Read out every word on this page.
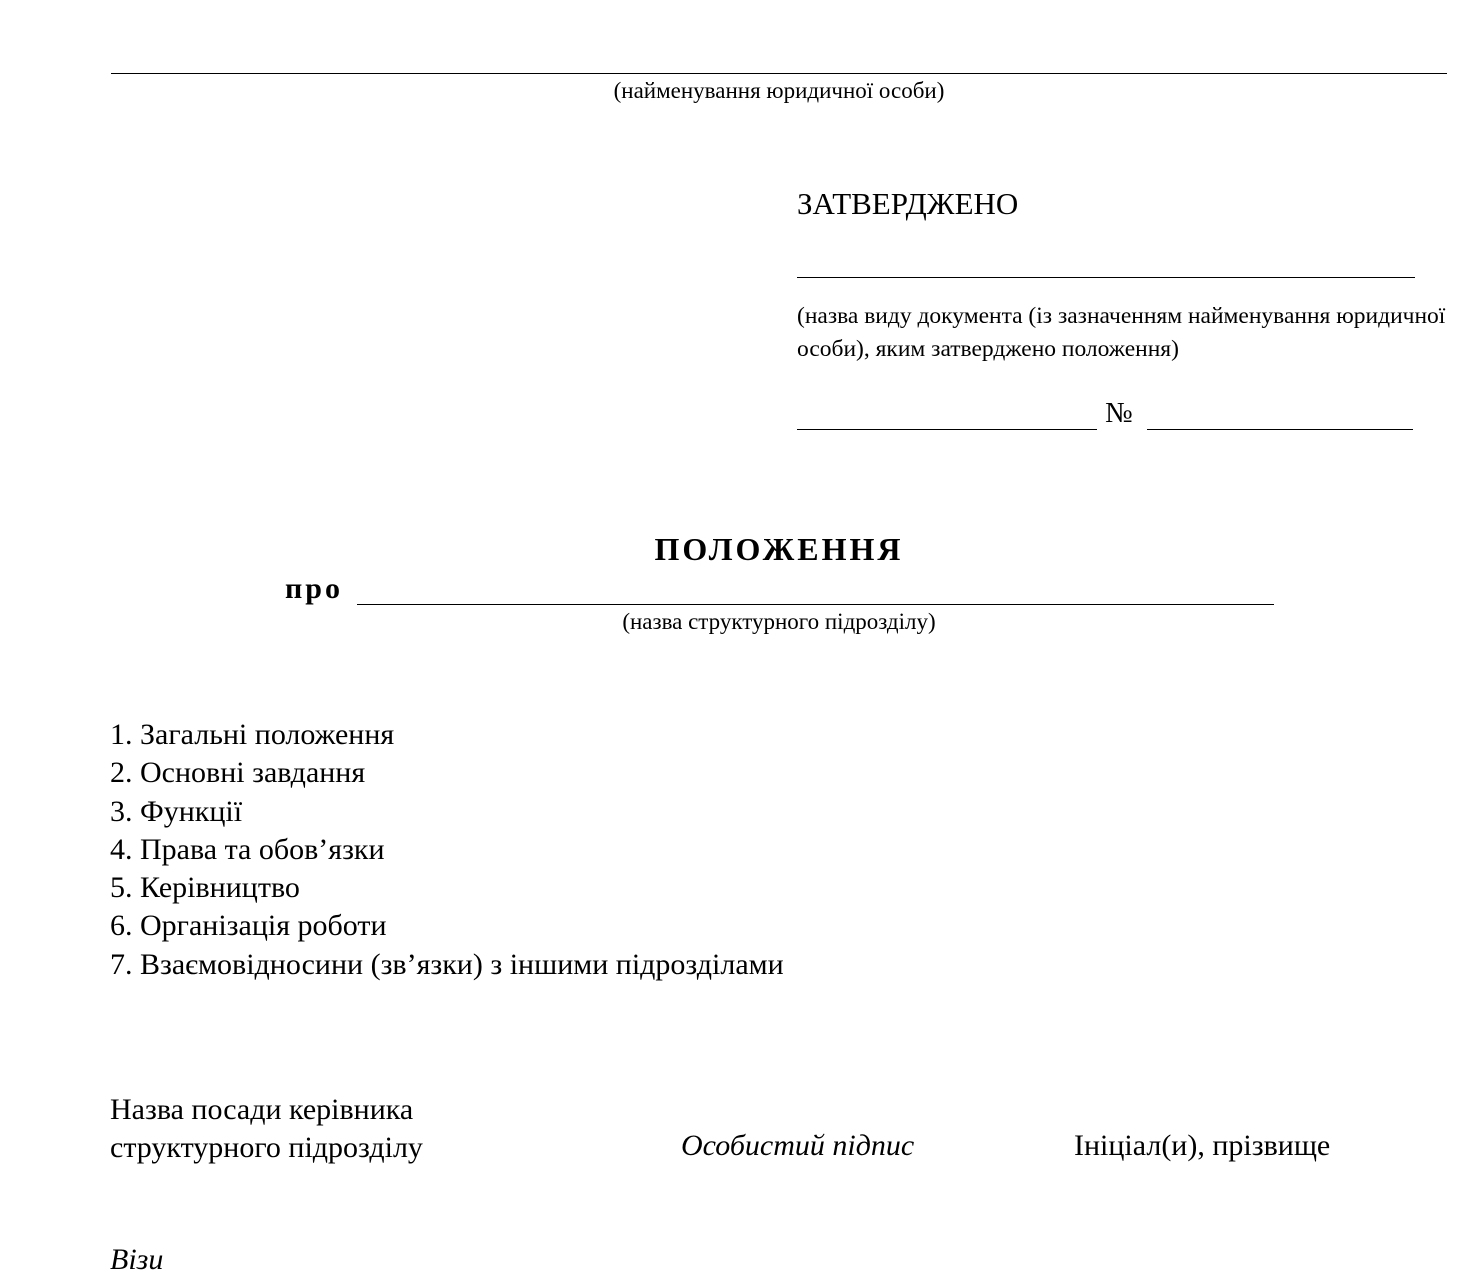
(найменування юридичної особи)
ЗАТВЕРДЖЕНО
(назва виду документа (із зазначенням найменування юридичної особи), яким затверджено положення)
№
ПОЛОЖЕННЯ
про
(назва структурного підрозділу)
1. Загальні положення
2. Основні завдання
3. Функції
4. Права та обов’язки
5. Керівництво
6. Організація роботи
7. Взаємовідносини (зв’язки) з іншими підрозділами
Назва посади керівника
структурного підрозділу	Особистий підпис	Ініціал(и), прізвище
Візи
